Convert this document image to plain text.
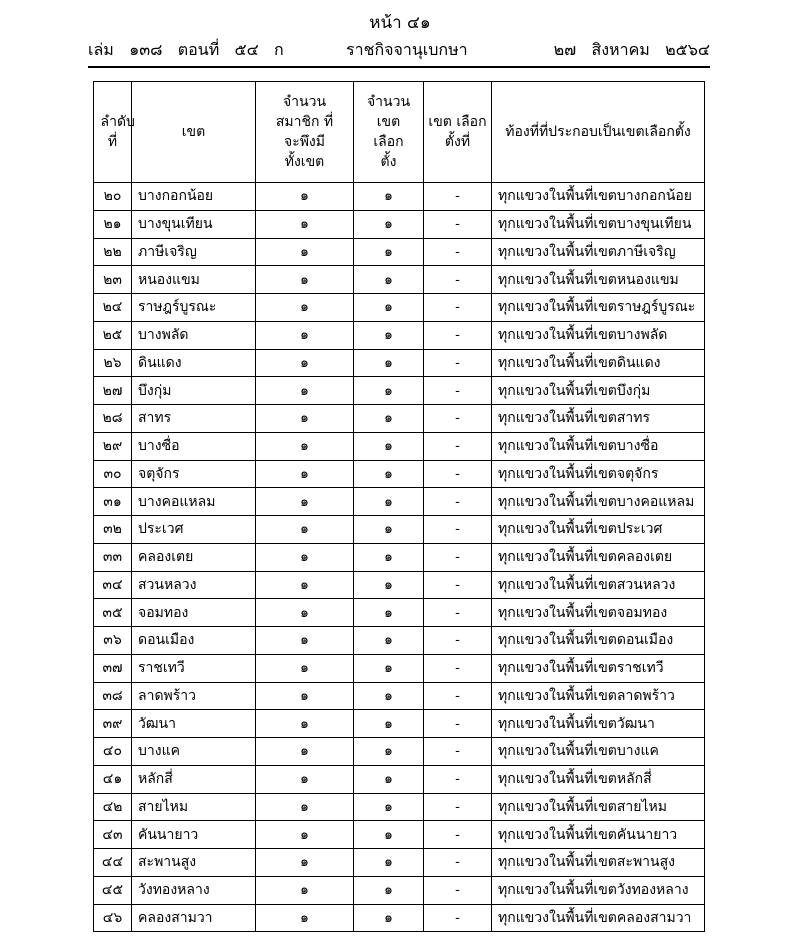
หน้า ๔๑
เล่ม   ๑๓๘   ตอนที่   ๕๔   ก	ราชกิจจานุเบกษา	๒๗   สิงหาคม   ๒๕๖๔
ลำดับ ที่	เขต	จำนวน สมาชิก ที่จะพึงมี ทั้งเขต	จำนวน เขต เลือกตั้ง	เขต เลือกตั้งที่	ท้องที่ที่ประกอบเป็นเขตเลือกตั้ง
๒๐	บางกอกน้อย	๑	๑	-	ทุกแขวงในพื้นที่เขตบางกอกน้อย
๒๑	บางขุนเทียน	๑	๑	-	ทุกแขวงในพื้นที่เขตบางขุนเทียน
๒๒	ภาษีเจริญ	๑	๑	-	ทุกแขวงในพื้นที่เขตภาษีเจริญ
๒๓	หนองแขม	๑	๑	-	ทุกแขวงในพื้นที่เขตหนองแขม
๒๔	ราษฎร์บูรณะ	๑	๑	-	ทุกแขวงในพื้นที่เขตราษฎร์บูรณะ
๒๕	บางพลัด	๑	๑	-	ทุกแขวงในพื้นที่เขตบางพลัด
๒๖	ดินแดง	๑	๑	-	ทุกแขวงในพื้นที่เขตดินแดง
๒๗	บึงกุ่ม	๑	๑	-	ทุกแขวงในพื้นที่เขตบึงกุ่ม
๒๘	สาทร	๑	๑	-	ทุกแขวงในพื้นที่เขตสาทร
๒๙	บางซื่อ	๑	๑	-	ทุกแขวงในพื้นที่เขตบางซื่อ
๓๐	จตุจักร	๑	๑	-	ทุกแขวงในพื้นที่เขตจตุจักร
๓๑	บางคอแหลม	๑	๑	-	ทุกแขวงในพื้นที่เขตบางคอแหลม
๓๒	ประเวศ	๑	๑	-	ทุกแขวงในพื้นที่เขตประเวศ
๓๓	คลองเตย	๑	๑	-	ทุกแขวงในพื้นที่เขตคลองเตย
๓๔	สวนหลวง	๑	๑	-	ทุกแขวงในพื้นที่เขตสวนหลวง
๓๕	จอมทอง	๑	๑	-	ทุกแขวงในพื้นที่เขตจอมทอง
๓๖	ดอนเมือง	๑	๑	-	ทุกแขวงในพื้นที่เขตดอนเมือง
๓๗	ราชเทวี	๑	๑	-	ทุกแขวงในพื้นที่เขตราชเทวี
๓๘	ลาดพร้าว	๑	๑	-	ทุกแขวงในพื้นที่เขตลาดพร้าว
๓๙	วัฒนา	๑	๑	-	ทุกแขวงในพื้นที่เขตวัฒนา
๔๐	บางแค	๑	๑	-	ทุกแขวงในพื้นที่เขตบางแค
๔๑	หลักสี่	๑	๑	-	ทุกแขวงในพื้นที่เขตหลักสี่
๔๒	สายไหม	๑	๑	-	ทุกแขวงในพื้นที่เขตสายไหม
๔๓	คันนายาว	๑	๑	-	ทุกแขวงในพื้นที่เขตคันนายาว
๔๔	สะพานสูง	๑	๑	-	ทุกแขวงในพื้นที่เขตสะพานสูง
๔๕	วังทองหลาง	๑	๑	-	ทุกแขวงในพื้นที่เขตวังทองหลาง
๔๖	คลองสามวา	๑	๑	-	ทุกแขวงในพื้นที่เขตคลองสามวา
